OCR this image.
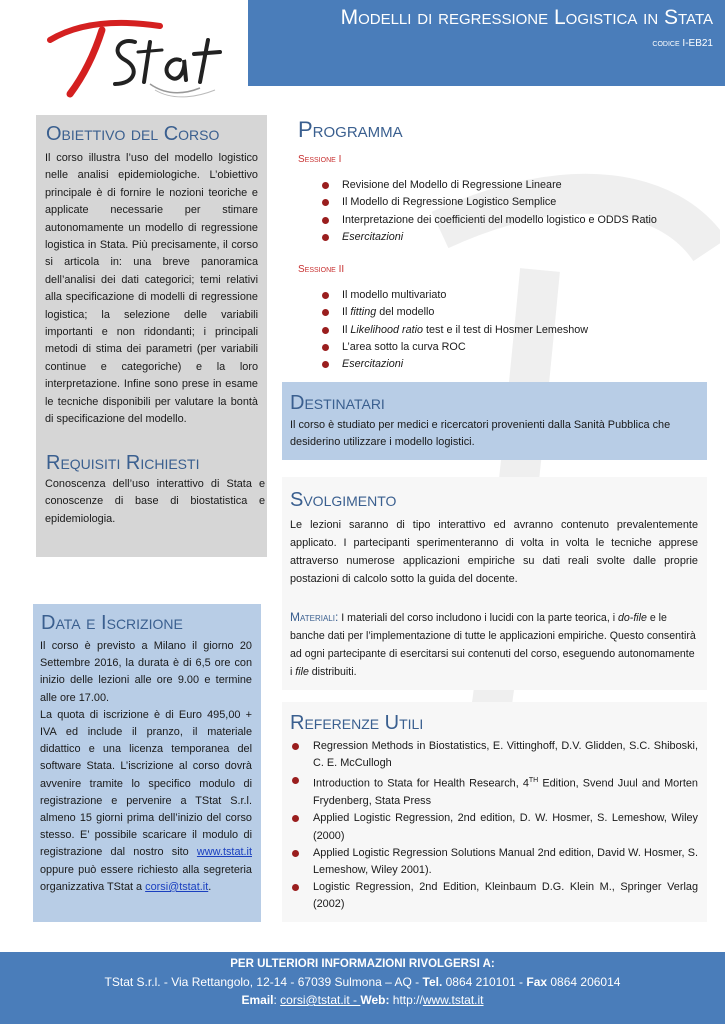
Modelli di regressione Logistica in Stata
codice I-EB21
Obiettivo del Corso
Il corso illustra l’uso del modello logistico nelle analisi epidemiologiche. L’obiettivo principale è di fornire le nozioni teoriche e applicate necessarie per stimare autonomamente un modello di regressione logistica in Stata. Più precisamente, il corso si articola in: una breve panoramica dell’analisi dei dati categorici; temi relativi alla specificazione di modelli di regressione logistica; la selezione delle variabili importanti e non ridondanti; i principali metodi di stima dei parametri (per variabili continue e categoriche) e la loro interpretazione. Infine sono prese in esame le tecniche disponibili per valutare la bontà di specificazione del modello.
Requisiti Richiesti
Conoscenza dell’uso interattivo di Stata e conoscenze di base di biostatistica e epidemiologia.
Data e Iscrizione
Il corso è previsto a Milano il giorno 20 Settembre 2016, la durata è di 6,5 ore con inizio delle lezioni alle ore 9.00 e termine alle ore 17.00.
La quota di iscrizione è di Euro 495,00 + IVA ed include il pranzo, il materiale didattico e una licenza temporanea del software Stata. L’iscrizione al corso dovrà avvenire tramite lo specifico modulo di registrazione e pervenire a TStat S.r.l. almeno 15 giorni prima dell’inizio del corso stesso. E’ possibile scaricare il modulo di registrazione dal nostro sito www.tstat.it oppure può essere richiesto alla segreteria organizzativa TStat a corsi@tstat.it.
Programma
Sessione I
Revisione del Modello di Regressione Lineare
Il Modello di Regressione Logistico Semplice
Interpretazione dei coefficienti del modello logistico e ODDS Ratio
Esercitazioni
Sessione II
Il modello multivariato
Il fitting del modello
Il Likelihood ratio test e il test di Hosmer Lemeshow
L’area sotto la curva ROC
Esercitazioni
Destinatari
Il corso è studiato per medici e ricercatori provenienti dalla Sanità Pubblica che desiderino utilizzare i modello logistici.
Svolgimento
Le lezioni saranno di tipo interattivo ed avranno contenuto prevalentemente applicato. I partecipanti sperimenteranno di volta in volta le tecniche apprese attraverso numerose applicazioni empiriche su dati reali svolte dalle proprie postazioni di calcolo sotto la guida del docente.
Materiali: I materiali del corso includono i lucidi con la parte teorica, i do-file e le banche dati per l’implementazione di tutte le applicazioni empiriche. Questo consentirà ad ogni partecipante di esercitarsi sui contenuti del corso, eseguendo autonomamente i file distribuiti.
Referenze Utili
Regression Methods in Biostatistics, E. Vittinghoff, D.V. Glidden, S.C. Shiboski, C. E. McCullogh
Introduction to Stata for Health Research, 4TH Edition, Svend Juul and Morten Frydenberg, Stata Press
Applied Logistic Regression, 2nd edition, D. W. Hosmer, S. Lemeshow, Wiley (2000)
Applied Logistic Regression Solutions Manual 2nd edition, David W. Hosmer, S. Lemeshow, Wiley 2001).
Logistic Regression, 2nd Edition, Kleinbaum D.G. Klein M., Springer Verlag (2002)
PER ULTERIORI INFORMAZIONI RIVOLGERSI A:
TStat S.r.l. - Via Rettangolo, 12-14 - 67039 Sulmona – AQ - Tel. 0864 210101 - Fax 0864 206014
Email: corsi@tstat.it - Web: http://www.tstat.it
